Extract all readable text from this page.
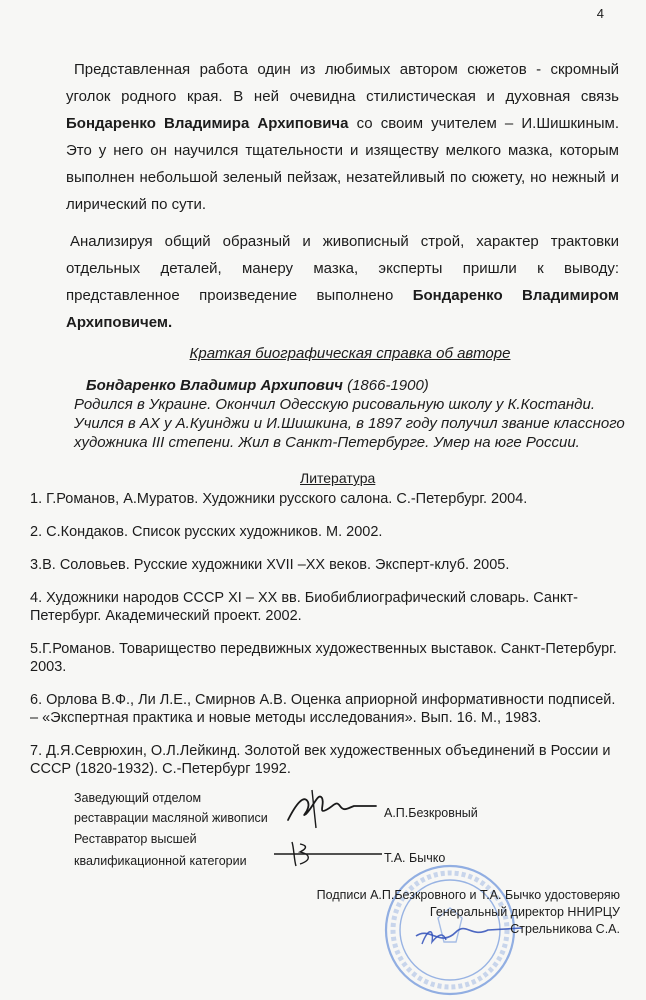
4
Представленная работа один из любимых автором сюжетов - скромный уголок родного края. В ней очевидна стилистическая и духовная связь Бондаренко Владимира Архиповича со своим учителем – И.Шишкиным. Это у него он научился тщательности и изяществу мелкого мазка, которым выполнен небольшой зеленый пейзаж, незатейливый по сюжету, но нежный и лирический по сути.
Анализируя общий образный и живописный строй, характер трактовки отдельных деталей, манеру мазка, эксперты пришли к выводу: представленное произведение выполнено Бондаренко Владимиром Архиповичем.
Краткая биографическая справка об авторе
Бондаренко Владимир Архипович (1866-1900)
Родился в Украине. Окончил Одесскую рисовальную школу у К.Костанди. Учился в АХ у А.Куинджи и И.Шишкина, в 1897 году получил звание классного художника III степени. Жил в Санкт-Петербурге. Умер на юге России.
Литература
1. Г.Романов, А.Муратов. Художники русского салона. С.-Петербург. 2004.
2. С.Кондаков. Список русских художников. М. 2002.
3.В. Соловьев. Русские художники XVII –XX веков. Эксперт-клуб. 2005.
4. Художники народов СССР XI – XX вв. Биобиблиографический словарь. Санкт-Петербург. Академический проект. 2002.
5.Г.Романов. Товарищество передвижных художественных выставок. Санкт-Петербург. 2003.
6. Орлова В.Ф., Ли Л.Е., Смирнов А.В. Оценка априорной информативности подписей. – «Экспертная практика и новые методы исследования». Вып. 16. М., 1983.
7. Д.Я.Севрюхин, О.Л.Лейкинд. Золотой век художественных объединений в России и СССР (1820-1932). С.-Петербург 1992.
Заведующий отделом
реставрации масляной живописи	А.П.Безкровный
Реставратор высшей
квалификационной категории	Т.А. Бычко
Подписи А.П.Безкровного и Т.А. Бычко удостоверяю
Генеральный директор ННИРЦУ
Стрельникова С.А.
